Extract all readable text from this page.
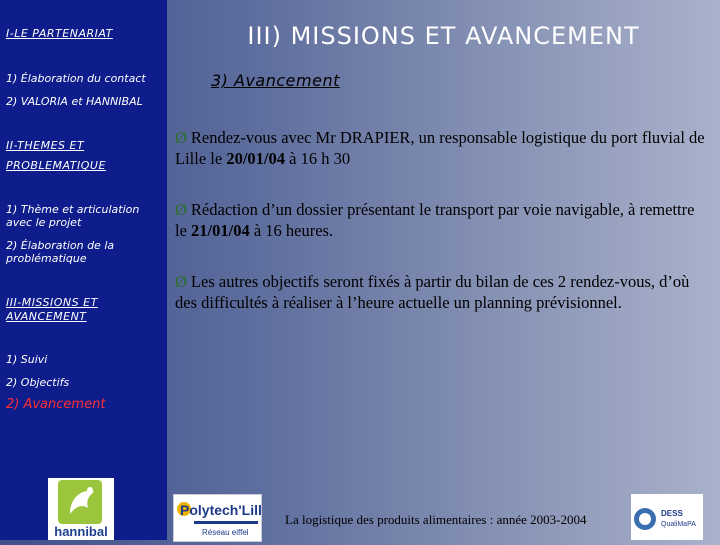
I-LE PARTENARIAT
1) Élaboration du contact
2) VALORIA et HANNIBAL
II-THEMES ET
PROBLEMATIQUE
1) Thème et articulation avec le projet
2) Élaboration de la problématique
III-MISSIONS ET
AVANCEMENT
1) Suivi
2) Objectifs
2) Avancement
hannibal
III) MISSIONS ET AVANCEMENT
3) Avancement
Ø Rendez-vous avec Mr DRAPIER, un responsable logistique du port fluvial de Lille le 20/01/04 à 16 h 30
Ø Rédaction d’un dossier présentant le transport par voie navigable, à remettre le 21/01/04 à 16 heures.
Ø Les autres objectifs seront fixés à partir du bilan de ces 2 rendez-vous, d’où des difficultés à réaliser à l’heure actuelle un planning prévisionnel.
Polytech'Lille
Réseau eiffel
La logistique des produits alimentaires : année 2003-2004	DESS
QualiMaPA
